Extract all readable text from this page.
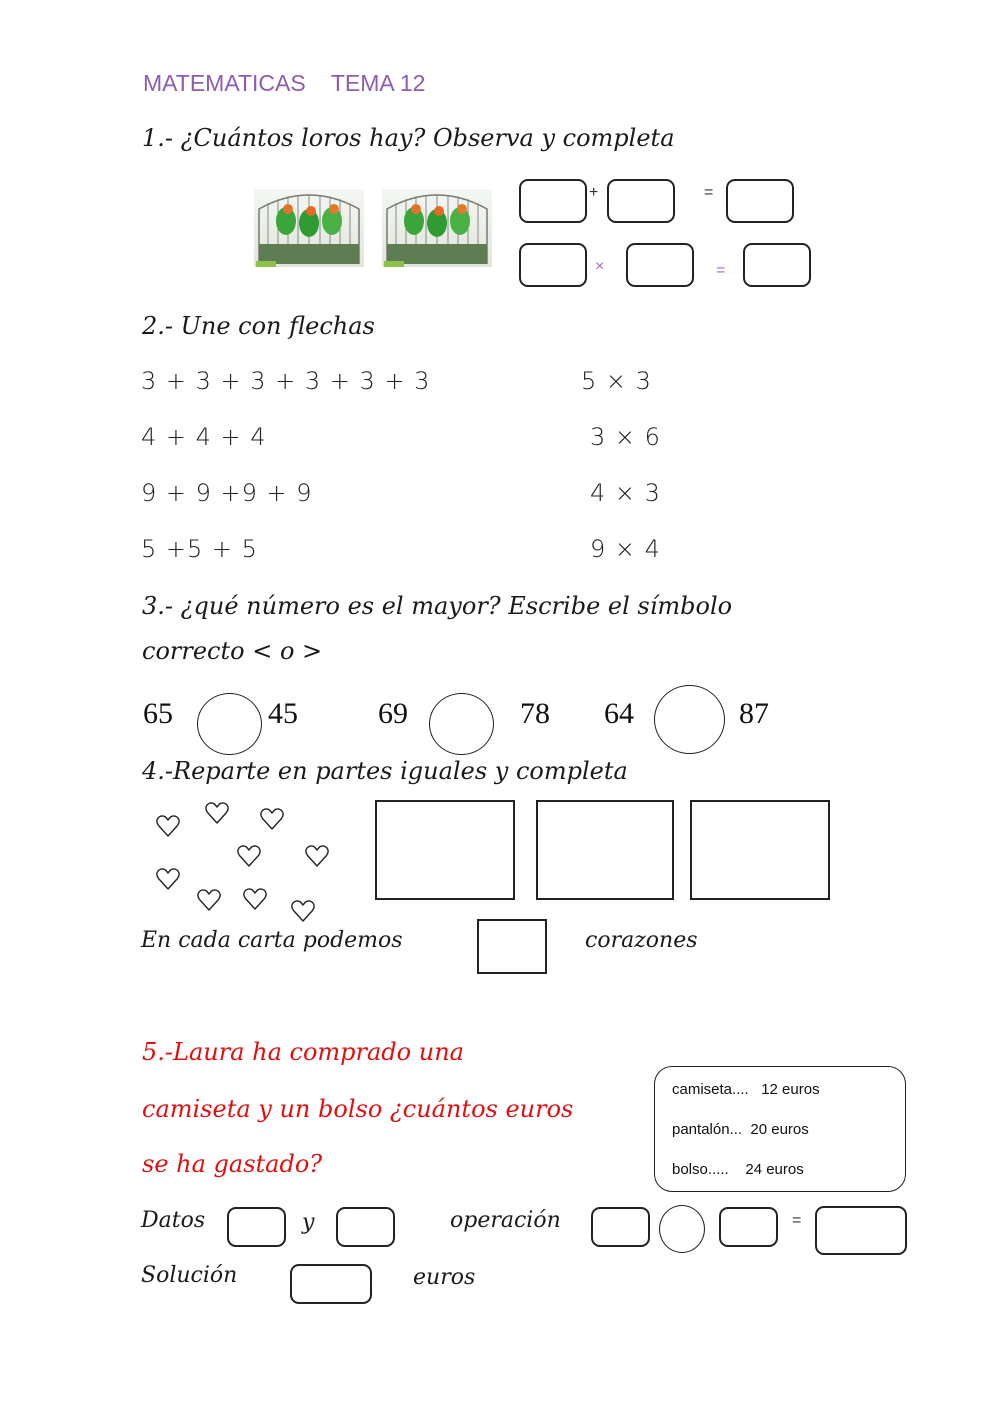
MATEMATICAS TEMA 12
1.- ¿Cuántos loros hay? Observa y completa
+	=
×	=
2.- Une con flechas
3 + 3 + 3 + 3 + 3 + 3
4 + 4 + 4
9 + 9 +9 + 9
5 +5 + 5
5 × 3
3 × 6
4 × 3
9 × 4
3.- ¿qué número es el mayor? Escribe el símbolo
correcto < o >
65	45	69	78 64	87
4.-Reparte en partes iguales y completa
En cada carta podemos	corazones
5.-Laura ha comprado una
camiseta y un bolso ¿cuántos euros
se ha gastado?
camiseta....   12 euros
pantalón...  20 euros
bolso.....    24 euros
Datos	y	operación	=
Solución	euros
